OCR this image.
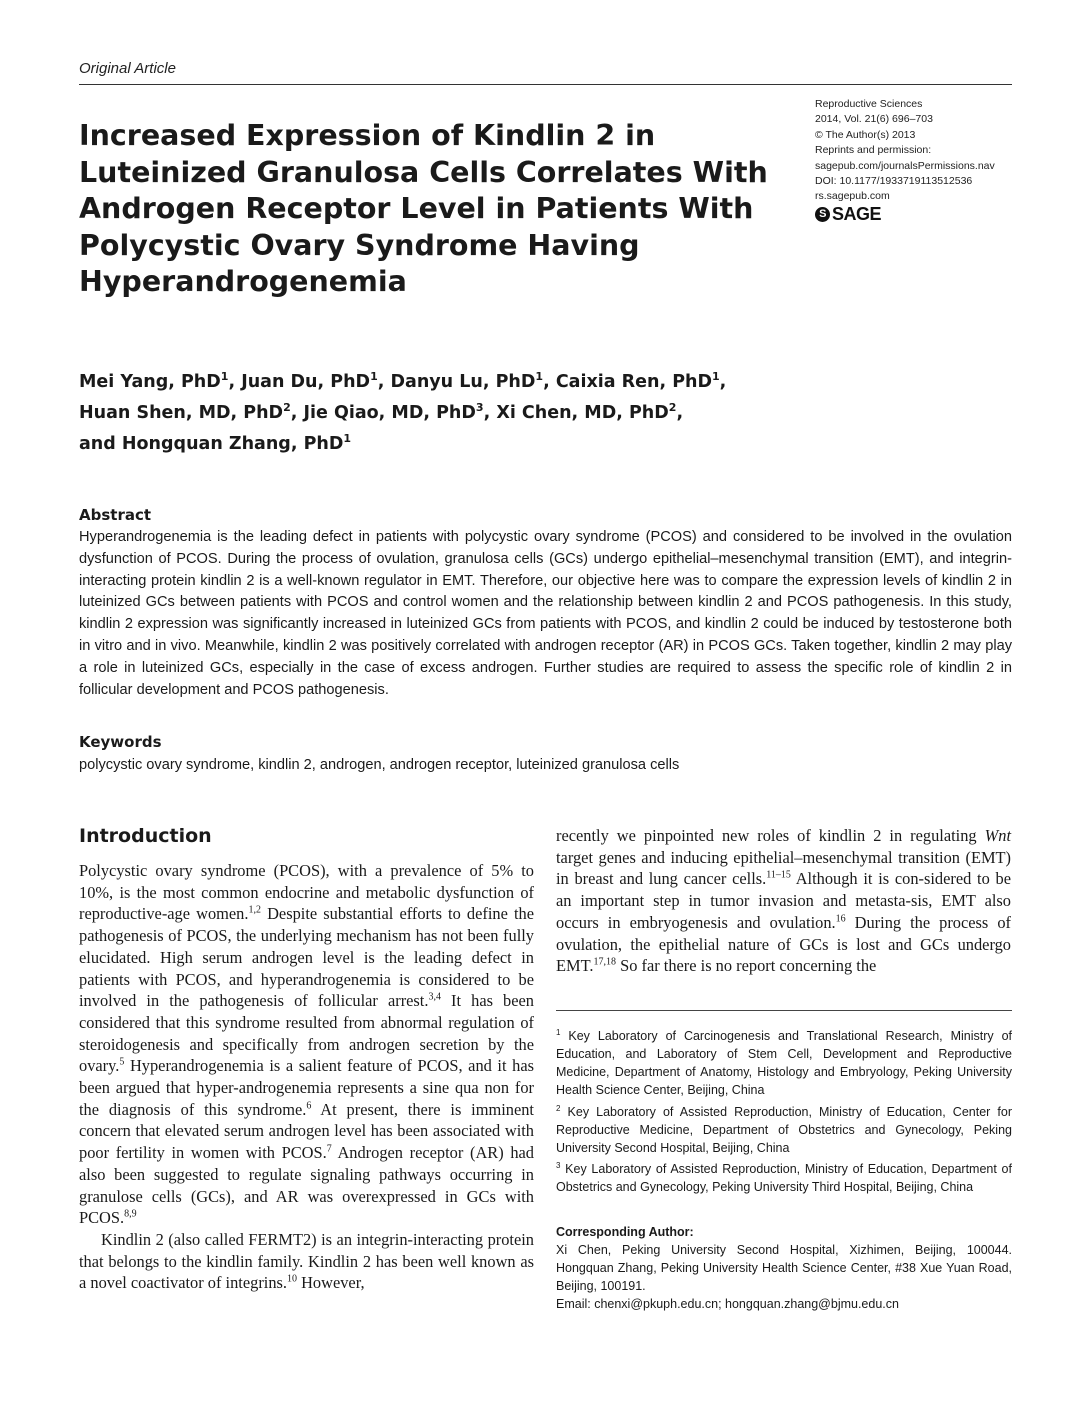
Original Article
Increased Expression of Kindlin 2 in Luteinized Granulosa Cells Correlates With Androgen Receptor Level in Patients With Polycystic Ovary Syndrome Having Hyperandrogenemia
Reproductive Sciences
2014, Vol. 21(6) 696–703
© The Author(s) 2013
Reprints and permission:
sagepub.com/journalsPermissions.nav
DOI: 10.1177/1933719113512536
rs.sagepub.com
S SAGE
Mei Yang, PhD$^1$, Juan Du, PhD$^1$, Danyu Lu, PhD$^1$, Caixia Ren, PhD$^1$,
Huan Shen, MD, PhD$^2$, Jie Qiao, MD, PhD$^3$, Xi Chen, MD, PhD$^2$,
and Hongquan Zhang, PhD$^1$
Abstract
Hyperandrogenemia is the leading defect in patients with polycystic ovary syndrome (PCOS) and considered to be involved in the ovulation dysfunction of PCOS. During the process of ovulation, granulosa cells (GCs) undergo epithelial–mesenchymal transition (EMT), and integrin-interacting protein kindlin 2 is a well-known regulator in EMT. Therefore, our objective here was to compare the expression levels of kindlin 2 in luteinized GCs between patients with PCOS and control women and the relationship between kindlin 2 and PCOS pathogenesis. In this study, kindlin 2 expression was significantly increased in luteinized GCs from patients with PCOS, and kindlin 2 could be induced by testosterone both in vitro and in vivo. Meanwhile, kindlin 2 was positively correlated with androgen receptor (AR) in PCOS GCs. Taken together, kindlin 2 may play a role in luteinized GCs, especially in the case of excess androgen. Further studies are required to assess the specific role of kindlin 2 in follicular development and PCOS pathogenesis.
Keywords
polycystic ovary syndrome, kindlin 2, androgen, androgen receptor, luteinized granulosa cells
Introduction

Polycystic ovary syndrome (PCOS), with a prevalence of 5% to 10%, is the most common endocrine and metabolic dysfunction of reproductive-age women.$^{1,2}$ Despite substantial efforts to define the pathogenesis of PCOS, the underlying mechanism has not been fully elucidated. High serum androgen level is the leading defect in patients with PCOS, and hyperandrogenemia is considered to be involved in the pathogenesis of follicular arrest.$^{3,4}$ It has been considered that this syndrome resulted from abnormal regulation of steroidogenesis and specifically from androgen secretion by the ovary.$^5$ Hyperandrogenemia is a salient feature of PCOS, and it has been argued that hyper-androgenemia represents a sine qua non for the diagnosis of this syndrome.$^6$ At present, there is imminent concern that elevated serum androgen level has been associated with poor fertility in women with PCOS.$^7$ Androgen receptor (AR) had also been suggested to regulate signaling pathways occurring in granulose cells (GCs), and AR was overexpressed in GCs with PCOS.$^{8,9}$

Kindlin 2 (also called FERMT2) is an integrin-interacting protein that belongs to the kindlin family. Kindlin 2 has been well known as a novel coactivator of integrins.$^{10}$ However,

recently we pinpointed new roles of kindlin 2 in regulating Wnt target genes and inducing epithelial–mesenchymal transition (EMT) in breast and lung cancer cells.$^{11-15}$ Although it is con-sidered to be an important step in tumor invasion and metasta-sis, EMT also occurs in embryogenesis and ovulation.$^{16}$ During the process of ovulation, the epithelial nature of GCs is lost and GCs undergo EMT.$^{17,18}$ So far there is no report concerning the

$^1$ Key Laboratory of Carcinogenesis and Translational Research, Ministry of Education, and Laboratory of Stem Cell, Development and Reproductive Medicine, Department of Anatomy, Histology and Embryology, Peking University Health Science Center, Beijing, China

$^2$ Key Laboratory of Assisted Reproduction, Ministry of Education, Center for Reproductive Medicine, Department of Obstetrics and Gynecology, Peking University Second Hospital, Beijing, China

$^3$ Key Laboratory of Assisted Reproduction, Ministry of Education, Department of Obstetrics and Gynecology, Peking University Third Hospital, Beijing, China

Corresponding Author:

Xi Chen, Peking University Second Hospital, Xizhimen, Beijing, 100044. Hongquan Zhang, Peking University Health Science Center, #38 Xue Yuan Road, Beijing, 100191.

Email: chenxi@pkuph.edu.cn; hongquan.zhang@bjmu.edu.cn
